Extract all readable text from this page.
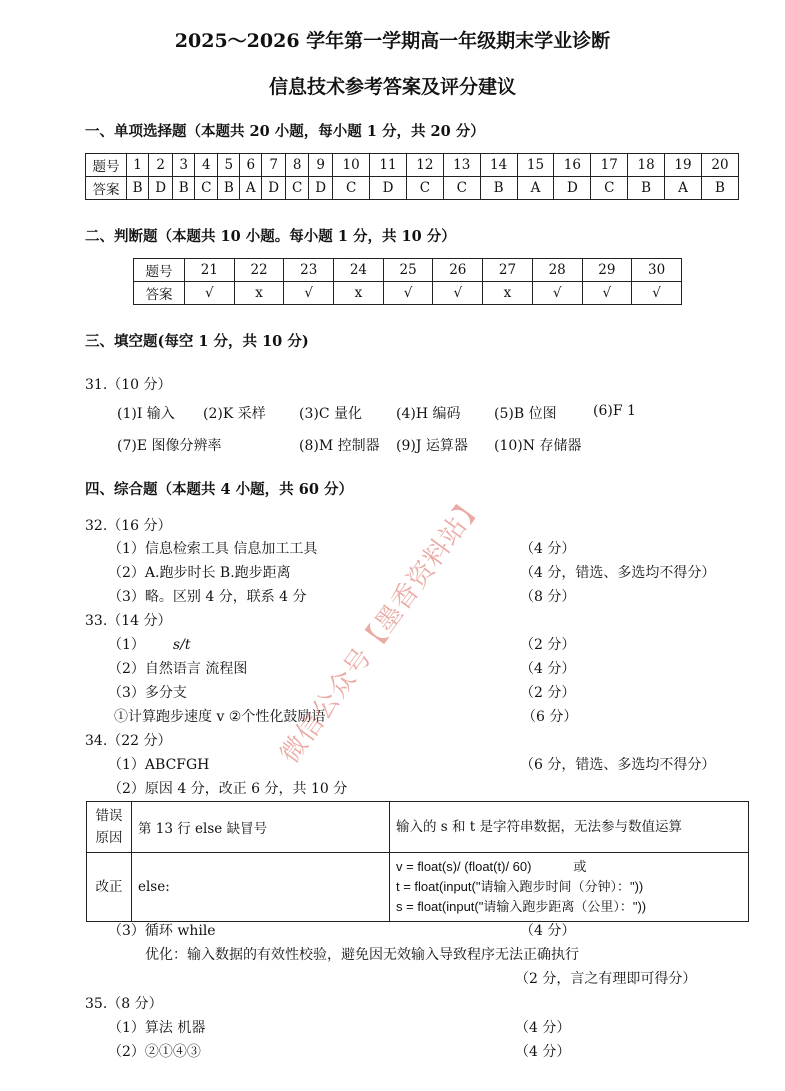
2025～2026 学年第一学期高一年级期末学业诊断
信息技术参考答案及评分建议
一、单项选择题（本题共 20 小题，每小题 1 分，共 20 分）
题号	1	2	3	4	5	6	7	8	9	10	11	12	13	14	15	16	17	18	19	20
答案	B	D	B	C	B	A	D	C	D	C	D	C	C	B	A	D	C	B	A	B
二、判断题（本题共 10 小题。每小题 1 分，共 10 分）
题号	21	22	23	24	25	26	27	28	29	30
答案	√	x	√	x	√	√	x	√	√	√
三、填空题(每空 1 分，共 10 分)
31.（10 分）
(1)I 输入 (2)K 采样 (3)C 量化 (4)H 编码 (5)B 位图	(6)F 1
(7)E 图像分辨率	(8)M 控制器 (9)J 运算器 (10)N 存储器
四、综合题（本题共 4 小题，共 60 分）
32.（16 分）
（1）信息检索工具 信息加工工具	（4 分）
（2）A.跑步时长 B.跑步距离	（4 分，错选、多选均不得分）
（3）略。区别 4 分，联系 4 分	（8 分）
33.（14 分）
（1） s/t	（2 分）
（2）自然语言 流程图	（4 分）
（3）多分支	（2 分）
①计算跑步速度 v ②个性化鼓励语	（6 分）
34.（22 分）
（1）ABCFGH	（6 分，错选、多选均不得分）
（2）原因 4 分，改正 6 分，共 10 分
错误原因	第 13 行 else 缺冒号	输入的 s 和 t 是字符串数据，无法参与数值运算
改正	else:	v = float(s)/ (float(t)/ 60) 或
t = float(input("请输入跑步时间（分钟）："))
s = float(input("请输入跑步距离（公里）："))
（3）循环 while	（4 分）
优化：输入数据的有效性校验，避免因无效输入导致程序无法正确执行
（2 分，言之有理即可得分）
35.（8 分）
（1）算法 机器	（4 分）
（2）②①④③	（4 分）
微信公众号【墨香资料站】
